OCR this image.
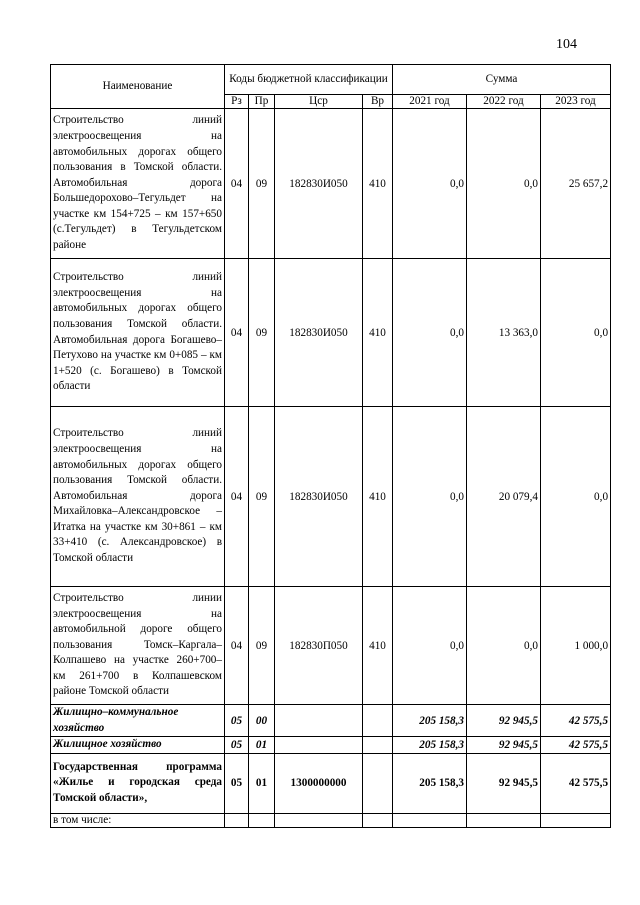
104
Наименование	Коды бюджетной классификации				Сумма		
	Рз	Пр	Цср	Вр	2021 год	2022 год	2023 год
Строительство линий электроосвещения на автомобильных дорогах общего пользования в Томской области. Автомобильная дорога Большедорохово–Тегульдет на участке км 154+725 – км 157+650 (с.Тегульдет) в Тегульдетском районе	04	09	182830И050	410	0,0	0,0	25 657,2
Строительство линий электроосвещения на автомобильных дорогах общего пользования Томской области. Автомобильная дорога Богашево–Петухово на участке км 0+085 – км 1+520 (с. Богашево) в Томской области	04	09	182830И050	410	0,0	13 363,0	0,0
Строительство линий электроосвещения на автомобильных дорогах общего пользования Томской области. Автомобильная дорога Михайловка–Александровское – Итатка на участке км 30+861 – км 33+410 (с. Александровское) в Томской области	04	09	182830И050	410	0,0	20 079,4	0,0
Строительство линии электроосвещения на автомобильной дороге общего пользования Томск–Каргала–Колпашево на участке 260+700– км 261+700 в Колпашевском районе Томской области	04	09	182830П050	410	0,0	0,0	1 000,0
Жилищно–коммунальное хозяйство	05	00			205 158,3	92 945,5	42 575,5
Жилищное хозяйство	05	01			205 158,3	92 945,5	42 575,5
Государственная программа «Жилье и городская среда Томской области»,	05	01	1300000000		205 158,3	92 945,5	42 575,5
в том числе:							
